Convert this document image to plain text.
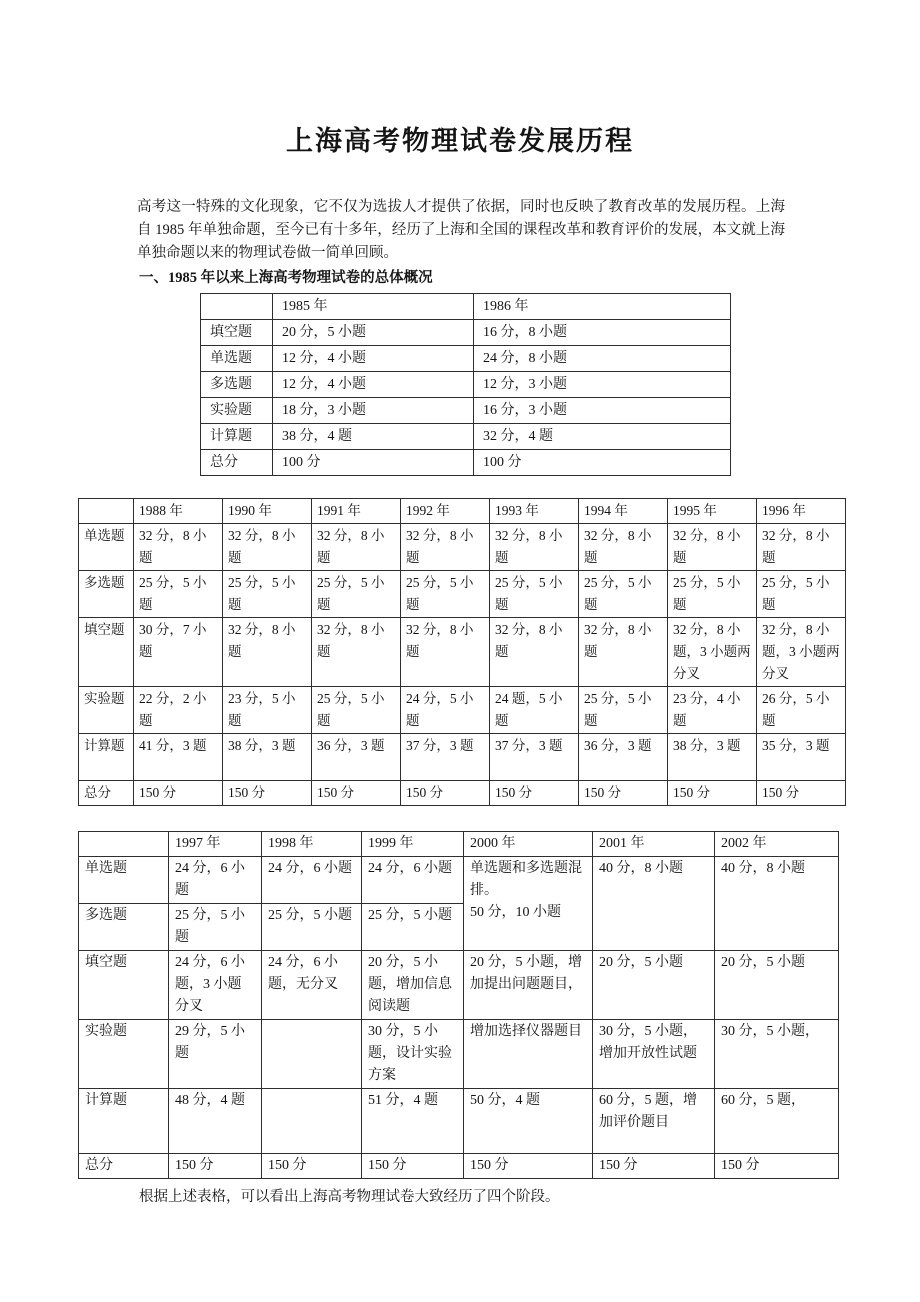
上海高考物理试卷发展历程
高考这一特殊的文化现象，它不仅为选拔人才提供了依据，同时也反映了教育改革的发展历程。上海自 1985 年单独命题，至今已有十多年，经历了上海和全国的课程改革和教育评价的发展，本文就上海单独命题以来的物理试卷做一简单回顾。
一、1985 年以来上海高考物理试卷的总体概况
	1985 年	1986 年
填空题	20 分，5 小题	16 分，8 小题
单选题	12 分，4 小题	24 分，8 小题
多选题	12 分，4 小题	12 分，3 小题
实验题	18 分，3 小题	16 分，3 小题
计算题	38 分，4 题	32 分，4 题
总分	100 分	100 分
	1988 年	1990 年	1991 年	1992 年	1993 年	1994 年	1995 年	1996 年
单选题	32 分，8 小题	32 分，8 小题	32 分，8 小题	32 分，8 小题	32 分，8 小题	32 分，8 小题	32 分，8 小题	32 分，8 小题
多选题	25 分，5 小题	25 分，5 小题	25 分，5 小题	25 分，5 小题	25 分，5 小题	25 分，5 小题	25 分，5 小题	25 分，5 小题
填空题	30 分，7 小题	32 分，8 小题	32 分，8 小题	32 分，8 小题	32 分，8 小题	32 分，8 小题	32 分，8 小题，3 小题两分叉	32 分，8 小题，3 小题两分叉
实验题	22 分，2 小题	23 分，5 小题	25 分，5 小题	24 分，5 小题	24 题，5 小题	25 分，5 小题	23 分，4 小题	26 分，5 小题
计算题	41 分，3 题	38 分，3 题	36 分，3 题	37 分，3 题	37 分，3 题	36 分，3 题	38 分，3 题	35 分，3 题
总分	150 分	150 分	150 分	150 分	150 分	150 分	150 分	150 分
	1997 年	1998 年	1999 年	2000 年	2001 年	2002 年
单选题	24 分，6 小题	24 分，6 小题	24 分，6 小题	单选题和多选题混排。
50 分，10 小题	40 分，8 小题	40 分，8 小题
多选题	25 分，5 小题	25 分，5 小题	25 分，5 小题			
填空题	24 分，6 小题，3 小题分叉	24 分，6 小题，无分叉	20 分，5 小题，增加信息阅读题	20 分，5 小题，增加提出问题题目，	20 分，5 小题	20 分，5 小题
实验题	29 分，5 小题		30 分，5 小题，设计实验方案	增加选择仪器题目	30 分，5 小题，增加开放性试题	30 分，5 小题，
计算题	48 分，4 题		51 分，4 题	50 分，4 题	60 分，5 题，增加评价题目	60 分，5 题，
总分	150 分	150 分	150 分	150 分	150 分	150 分
根据上述表格，可以看出上海高考物理试卷大致经历了四个阶段。
